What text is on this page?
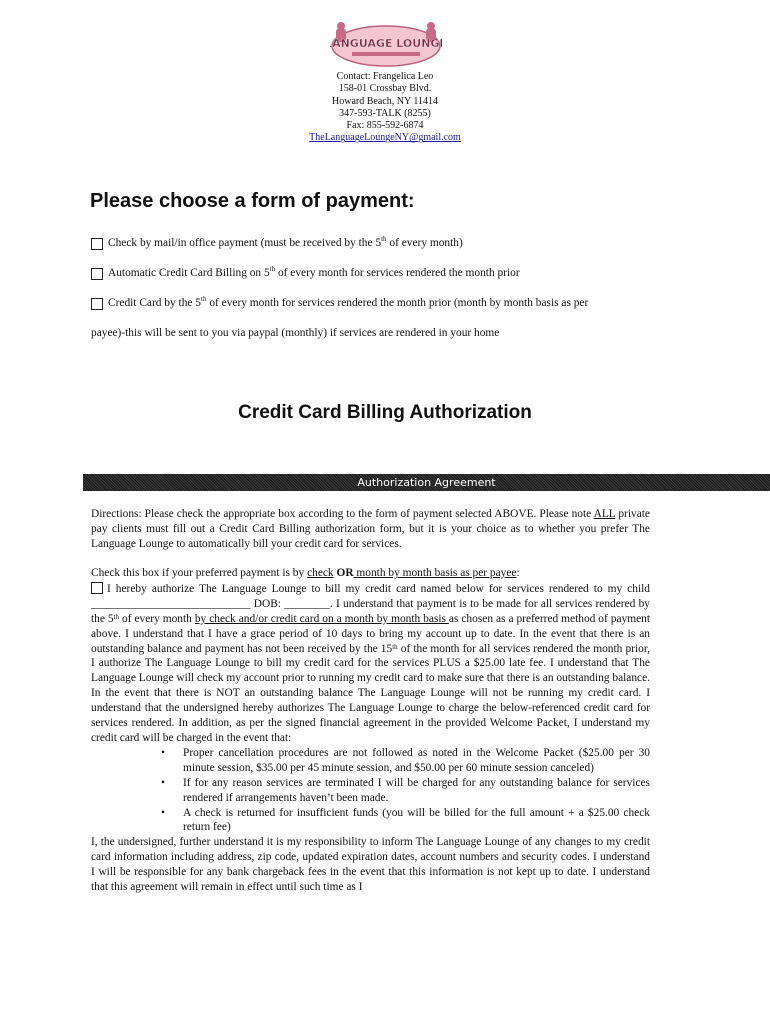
LANGUAGE LOUNGE
Contact: Frangelica Leo
158-01 Crossbay Blvd.
Howard Beach, NY 11414
347-593-TALK (8255)
Fax: 855-592-6874
TheLanguageLoungeNY@gmail.com
Please choose a form of payment:
Check by mail/in office payment (must be received by the 5th of every month)
Automatic Credit Card Billing on 5th of every month for services rendered the month prior
Credit Card by the 5th of every month for services rendered the month prior (month by month basis as per
payee)-this will be sent to you via paypal (monthly) if services are rendered in your home
Credit Card Billing Authorization
Authorization Agreement

Directions: Please check the appropriate box according to the form of payment selected ABOVE. Please note ALL private pay clients must fill out a Credit Card Billing authorization form, but it is your choice as to whether you prefer The Language Lounge to automatically bill your credit card for services.

Check this box if your preferred payment is by check OR month by month basis as per payee:

I hereby authorize The Language Lounge to bill my credit card named below for services rendered to my child ____________________________ DOB: ________. I understand that payment is to be made for all services rendered by the 5th of every month by check and/or credit card on a month by month basis as chosen as a preferred method of payment above. I understand that I have a grace period of 10 days to bring my account up to date. In the event that there is an outstanding balance and payment has not been received by the 15th of the month for all services rendered the month prior, I authorize The Language Lounge to bill my credit card for the services PLUS a $25.00 late fee. I understand that The Language Lounge will check my account prior to running my credit card to make sure that there is an outstanding balance. In the event that there is NOT an outstanding balance The Language Lounge will not be running my credit card. I understand that the undersigned hereby authorizes The Language Lounge to charge the below-referenced credit card for services rendered. In addition, as per the signed financial agreement in the provided Welcome Packet, I understand my credit card will be charged in the event that:

• Proper cancellation procedures are not followed as noted in the Welcome Packet ($25.00 per 30 minute session, $35.00 per 45 minute session, and $50.00 per 60 minute session canceled)
• If for any reason services are terminated I will be charged for any outstanding balance for services rendered if arrangements haven’t been made.
• A check is returned for insufficient funds (you will be billed for the full amount + a $25.00 check return fee)

I, the undersigned, further understand it is my responsibility to inform The Language Lounge of any changes to my credit card information including address, zip code, updated expiration dates, account numbers and security codes. I understand I will be responsible for any bank chargeback fees in the event that this information is not kept up to date. I understand that this agreement will remain in effect until such time as I
